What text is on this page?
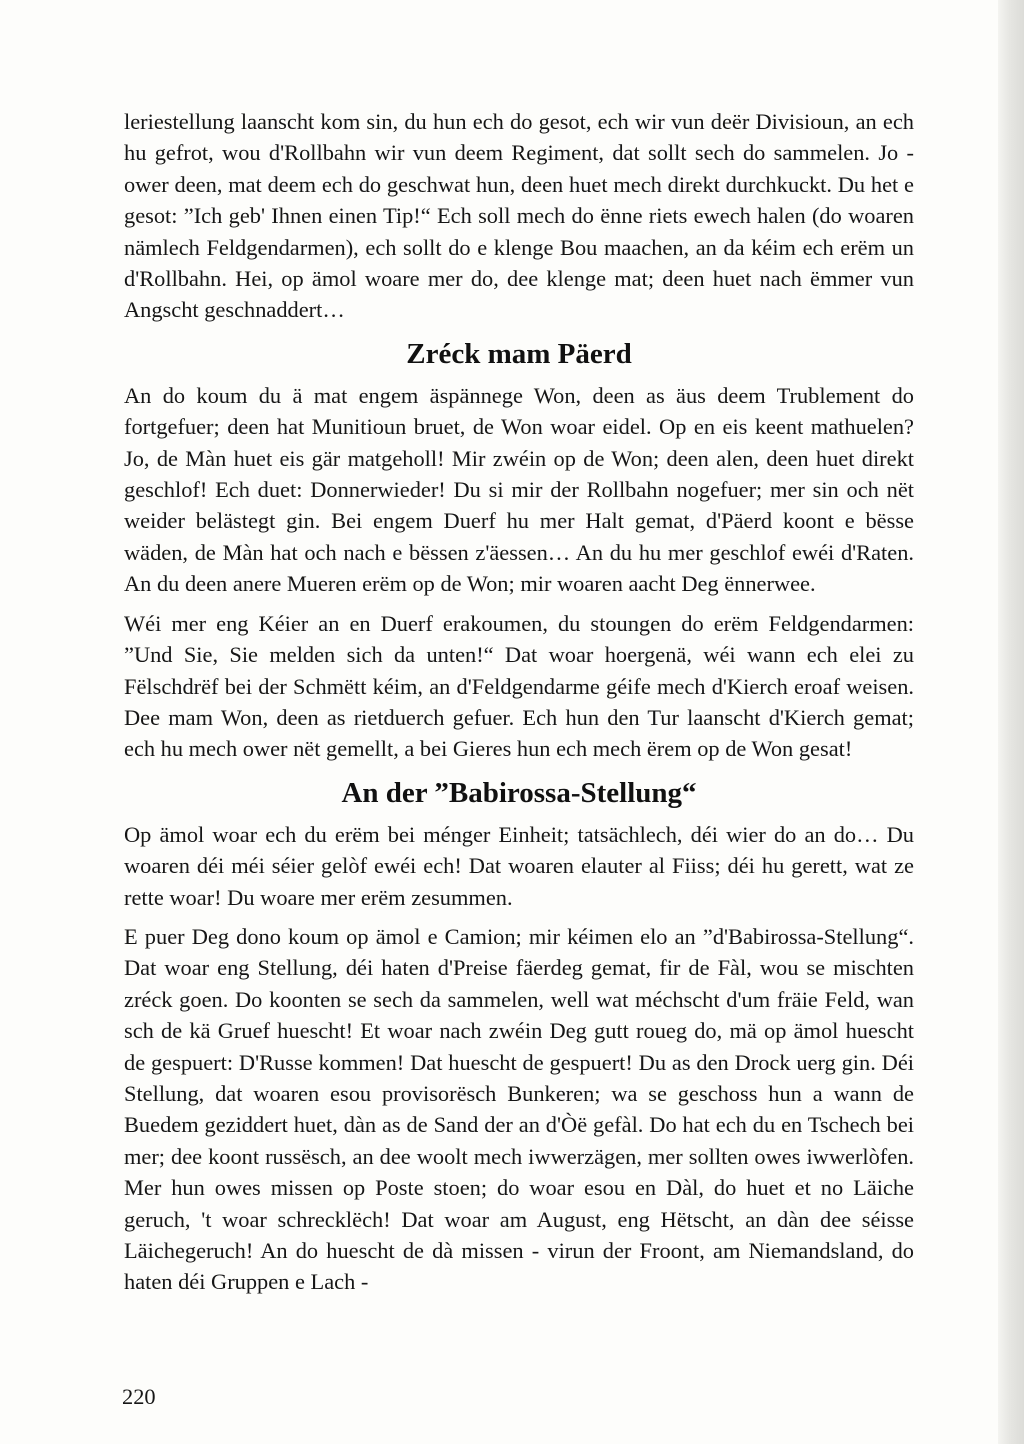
leriestellung laanscht kom sin, du hun ech do gesot, ech wir vun deër Divisioun, an ech hu gefrot, wou d'Rollbahn wir vun deem Regiment, dat sollt sech do sammelen. Jo - ower deen, mat deem ech do geschwat hun, deen huet mech direkt durchkuckt. Du het e gesot: ”Ich geb' Ihnen einen Tip!“ Ech soll mech do ënne riets ewech halen (do woaren nämlech Feldgendarmen), ech sollt do e klenge Bou maachen, an da kéim ech erëm un d'Rollbahn. Hei, op ämol woare mer do, dee klenge mat; deen huet nach ëmmer vun Angscht geschnaddert…

Zréck mam Päerd

An do koum du ä mat engem äspännege Won, deen as äus deem Trublement do fortgefuer; deen hat Munitioun bruet, de Won woar eidel. Op en eis keent mathuelen? Jo, de Màn huet eis gär matgeholl! Mir zwéin op de Won; deen alen, deen huet direkt geschlof! Ech duet: Donnerwieder! Du si mir der Rollbahn nogefuer; mer sin och nët weider belästegt gin. Bei engem Duerf hu mer Halt gemat, d'Päerd koont e bësse wäden, de Màn hat och nach e bëssen z'äessen… An du hu mer geschlof ewéi d'Raten. An du deen anere Mueren erëm op de Won; mir woaren aacht Deg ënnerwee.

Wéi mer eng Kéier an en Duerf erakoumen, du stoungen do erëm Feldgendarmen: ”Und Sie, Sie melden sich da unten!“ Dat woar hoergenä, wéi wann ech elei zu Fëlschdrëf bei der Schmëtt kéim, an d'Feldgendarme géife mech d'Kierch eroaf weisen. Dee mam Won, deen as rietduerch gefuer. Ech hun den Tur laanscht d'Kierch gemat; ech hu mech ower nët gemellt, a bei Gieres hun ech mech ërem op de Won gesat!

An der ”Babirossa-Stellung“

Op ämol woar ech du erëm bei ménger Einheit; tatsächlech, déi wier do an do… Du woaren déi méi séier gelòf ewéi ech! Dat woaren elauter al Fiiss; déi hu gerett, wat ze rette woar! Du woare mer erëm zesummen.

E puer Deg dono koum op ämol e Camion; mir kéimen elo an ”d'Babirossa-Stellung“. Dat woar eng Stellung, déi haten d'Preise fäerdeg gemat, fir de Fàl, wou se mischten zréck goen. Do koonten se sech da sammelen, well wat méchscht d'um fräie Feld, wan sch de kä Gruef huescht! Et woar nach zwéin Deg gutt roueg do, mä op ämol huescht de gespuert: D'Russe kommen! Dat huescht de gespuert! Du as den Drock uerg gin. Déi Stellung, dat woaren esou provisorësch Bunkeren; wa se geschoss hun a wann de Buedem geziddert huet, dàn as de Sand der an d'Òë gefàl. Do hat ech du en Tschech bei mer; dee koont russësch, an dee woolt mech iwwerzägen, mer sollten owes iwwerlòfen. Mer hun owes missen op Poste stoen; do woar esou en Dàl, do huet et no Läiche geruch, 't woar schrecklëch! Dat woar am August, eng Hëtscht, an dàn dee séisse Läichegeruch! An do huescht de dà missen - virun der Froont, am Niemandsland, do haten déi Gruppen e Lach -

220
